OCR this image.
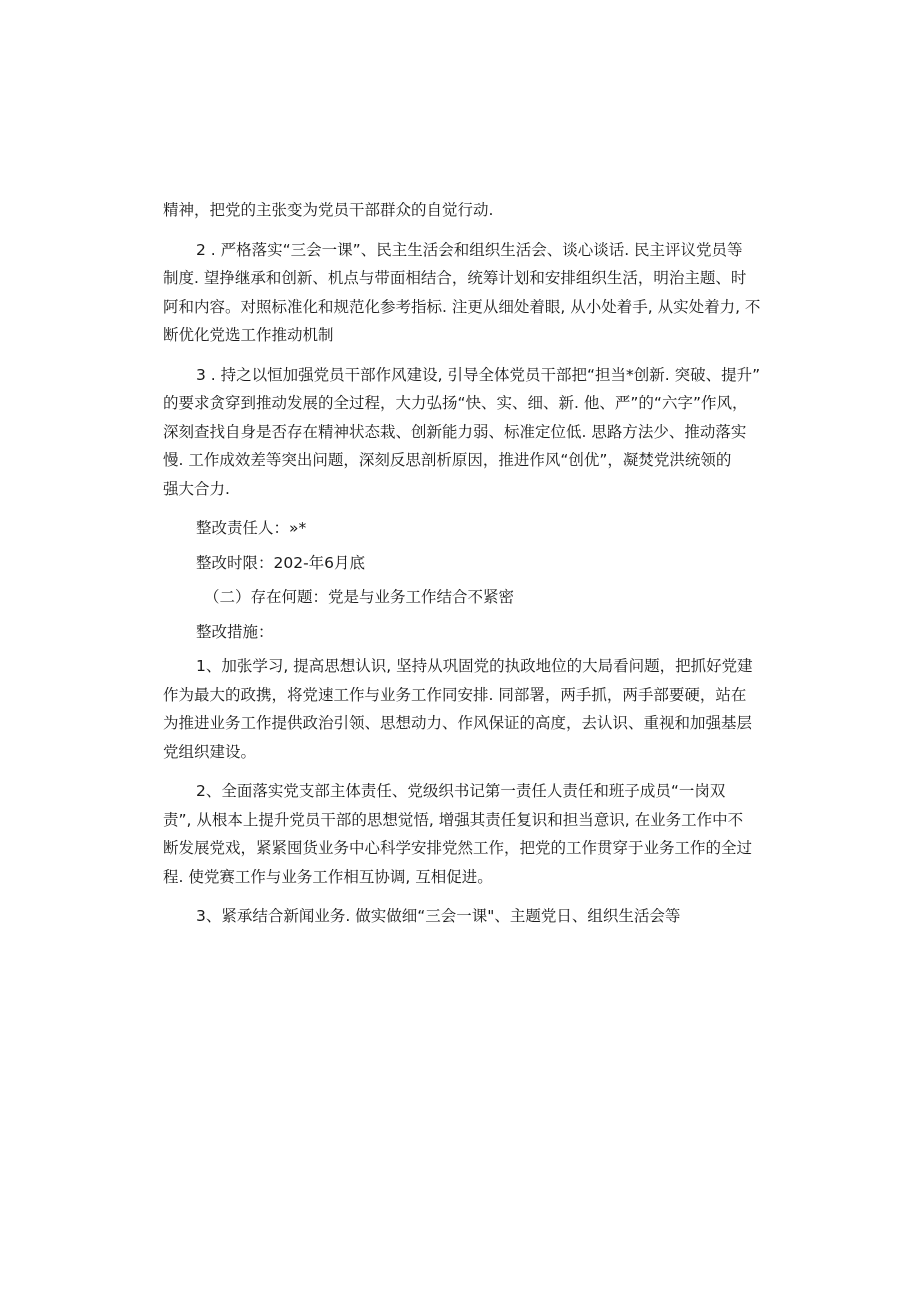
精神，把党的主张变为党员干部群众的自觉行动.

2 . 严格落实“三会一课”、民主生活会和组织生活会、谈心谈话. 民主评议党员等
制度. 望挣继承和创新、机点与带面相结合，统筹计划和安排组织生活，明治主题、时
阿和内容。对照标准化和规范化参考指标. 注更从细处着眼, 从小处着手, 从实处着力, 不
断优化党选工作推动机制

3 . 持之以恒加强党员干部作风建设, 引导全体党员干部把“担当*创新. 突破、提升”
的要求贪穿到推动发展的全过程，大力弘扬“快、实、细、新. 他、严”的“六字”作风，
深刻查找自身是否存在精神状态栽、创新能力弱、标准定位低. 思路方法少、推动落实
慢. 工作成效差等突出问题，深刻反思剖析原因，推进作风“创优”，凝焚党洪统领的
强大合力.

整改责任人：»*

整改时限：202-年6月底

（二）存在何题：党是与业务工作结合不紧密

整改措施：

1、加张学习, 提高思想认识, 坚持从巩固党的执政地位的大局看问题，把抓好党建
作为最大的政携，将党速工作与业务工作同安排. 同部署，两手抓，两手部要硬，站在
为推进业务工作提供政治引领、思想动力、作风保证的高度，去认识、重视和加强基层
党组织建设。

2、全面落实党支部主体责任、党级织书记第一责任人责任和班子成员“一岗双
责”, 从根本上提升党员干部的思想觉悟, 增强其责任复识和担当意识, 在业务工作中不
断发展党戏，紧紧囤货业务中心科学安排党然工作，把党的工作贯穿于业务工作的全过
程. 使党赛工作与业务工作相互协调, 互相促进。

3、紧承结合新闻业务. 做实做细“三会一课"、主题党日、组织生活会等
